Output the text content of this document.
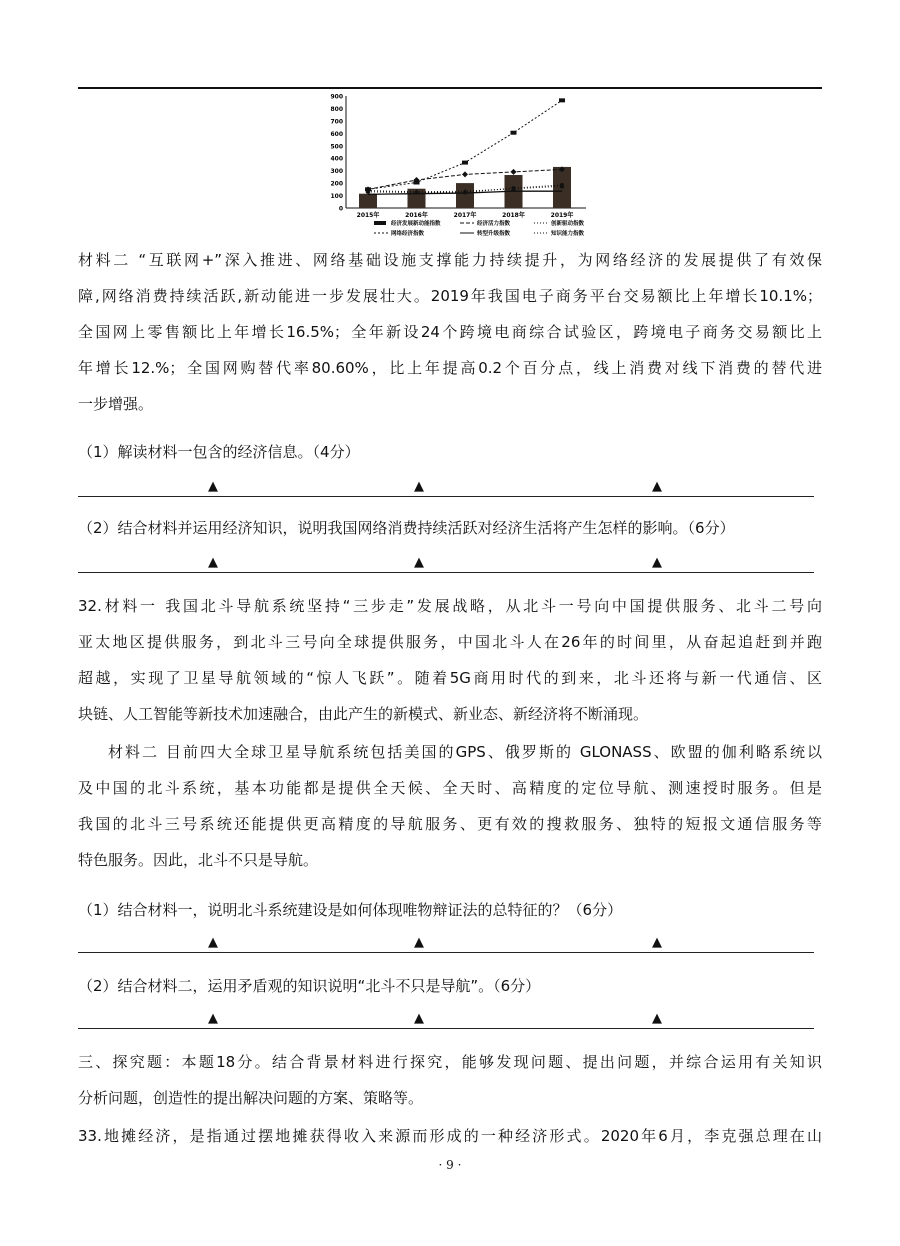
0
100
200
300
400
500
600
700
800
900
2015年	2016年	2017年	2018年	2019年
经济发展新动能指数	经济活力指数	创新驱动指数
网络经济指数	转型升级指数	知识能力指数
材料二 “互联网+”深入推进、网络基础设施支撑能力持续提升，为网络经济的发展提供了有效保
障,网络消费持续活跃,新动能进一步发展壮大。2019年我国电子商务平台交易额比上年增长10.1%；
全国网上零售额比上年增长16.5%；全年新设24个跨境电商综合试验区，跨境电子商务交易额比上
年增长12.%；全国网购替代率80.60%，比上年提高0.2个百分点，线上消费对线下消费的替代进
一步增强。
（1）解读材料一包含的经济信息。（4分）
（2）结合材料并运用经济知识，说明我国网络消费持续活跃对经济生活将产生怎样的影响。（6分）
32.材料一 我国北斗导航系统坚持“三步走”发展战略，从北斗一号向中国提供服务、北斗二号向
亚太地区提供服务，到北斗三号向全球提供服务，中国北斗人在26年的时间里，从奋起追赶到并跑
超越，实现了卫星导航领域的“惊人飞跃”。随着5G商用时代的到来，北斗还将与新一代通信、区
块链、人工智能等新技术加速融合，由此产生的新模式、新业态、新经济将不断涌现。
材料二 目前四大全球卫星导航系统包括美国的GPS、俄罗斯的 GLONASS、欧盟的伽利略系统以
及中国的北斗系统，基本功能都是提供全天候、全天时、高精度的定位导航、测速授时服务。但是
我国的北斗三号系统还能提供更高精度的导航服务、更有效的搜救服务、独特的短报文通信服务等
特色服务。因此，北斗不只是导航。
（1）结合材料一，说明北斗系统建设是如何体现唯物辩证法的总特征的？（6分）
（2）结合材料二，运用矛盾观的知识说明“北斗不只是导航”。（6分）
三、探究题：本题18分。结合背景材料进行探究，能够发现问题、提出问题，并综合运用有关知识
分析问题，创造性的提出解决问题的方案、策略等。
33.地摊经济，是指通过摆地摊获得收入来源而形成的一种经济形式。2020年6月，李克强总理在山
▲	▲	▲
▲	▲	▲
▲	▲	▲
▲	▲	▲
· 9 ·
